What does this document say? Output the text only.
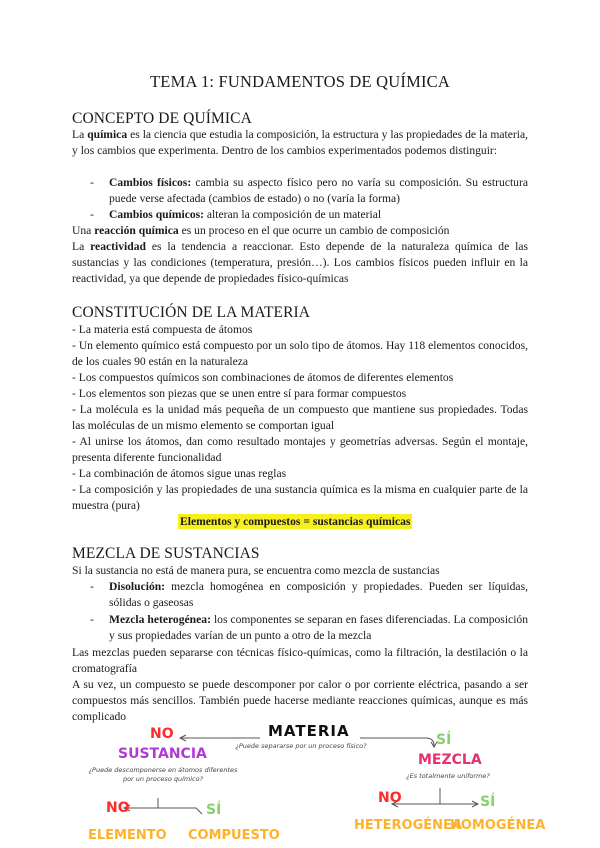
TEMA 1: FUNDAMENTOS DE QUÍMICA
CONCEPTO DE QUÍMICA
La química es la ciencia que estudia la composición, la estructura y las propiedades de la materia, y los cambios que experimenta. Dentro de los cambios experimentados podemos distinguir:
-	Cambios físicos: cambia su aspecto físico pero no varía su composición. Su estructura puede verse afectada (cambios de estado) o no (varía la forma)
-	Cambios químicos: alteran la composición de un material
Una reacción química es un proceso en el que ocurre un cambio de composición
La reactividad es la tendencia a reaccionar. Esto depende de la naturaleza química de las sustancias y las condiciones (temperatura, presión…). Los cambios físicos pueden influir en la reactividad, ya que depende de propiedades físico-químicas
CONSTITUCIÓN DE LA MATERIA
- La materia está compuesta de átomos
- Un elemento químico está compuesto por un solo tipo de átomos. Hay 118 elementos conocidos, de los cuales 90 están en la naturaleza
- Los compuestos químicos son combinaciones de átomos de diferentes elementos
- Los elementos son piezas que se unen entre sí para formar compuestos
- La molécula es la unidad más pequeña de un compuesto que mantiene sus propiedades. Todas las moléculas de un mismo elemento se comportan igual
- Al unirse los átomos, dan como resultado montajes y geometrías adversas. Según el montaje, presenta diferente funcionalidad
- La combinación de átomos sigue unas reglas
- La composición y las propiedades de una sustancia química es la misma en cualquier parte de la muestra (pura)
Elementos y compuestos = sustancias químicas
MEZCLA DE SUSTANCIAS
Si la sustancia no está de manera pura, se encuentra como mezcla de sustancias
-	Disolución: mezcla homogénea en composición y propiedades. Pueden ser líquidas, sólidas o gaseosas
-	Mezcla heterogénea: los componentes se separan en fases diferenciadas. La composición y sus propiedades varían de un punto a otro de la mezcla
Las mezclas pueden separarse con técnicas físico-químicas, como la filtración, la destilación o la cromatografía
A su vez, un compuesto se puede descomponer por calor o por corriente eléctrica, pasando a ser compuestos más sencillos. También puede hacerse mediante reacciones químicas, aunque es más complicado
MATERIA
¿Puede separarse por un proceso físico?
NO	SÍ
SUSTANCIA	MEZCLA
¿Puede descomponerse en átomos diferentes por un proceso químico?	¿Es totalmente uniforme?
NO	SÍ
NO	SÍ
ELEMENTO COMPUESTO
HETEROGÉNEA
HOMOGÉNEA
